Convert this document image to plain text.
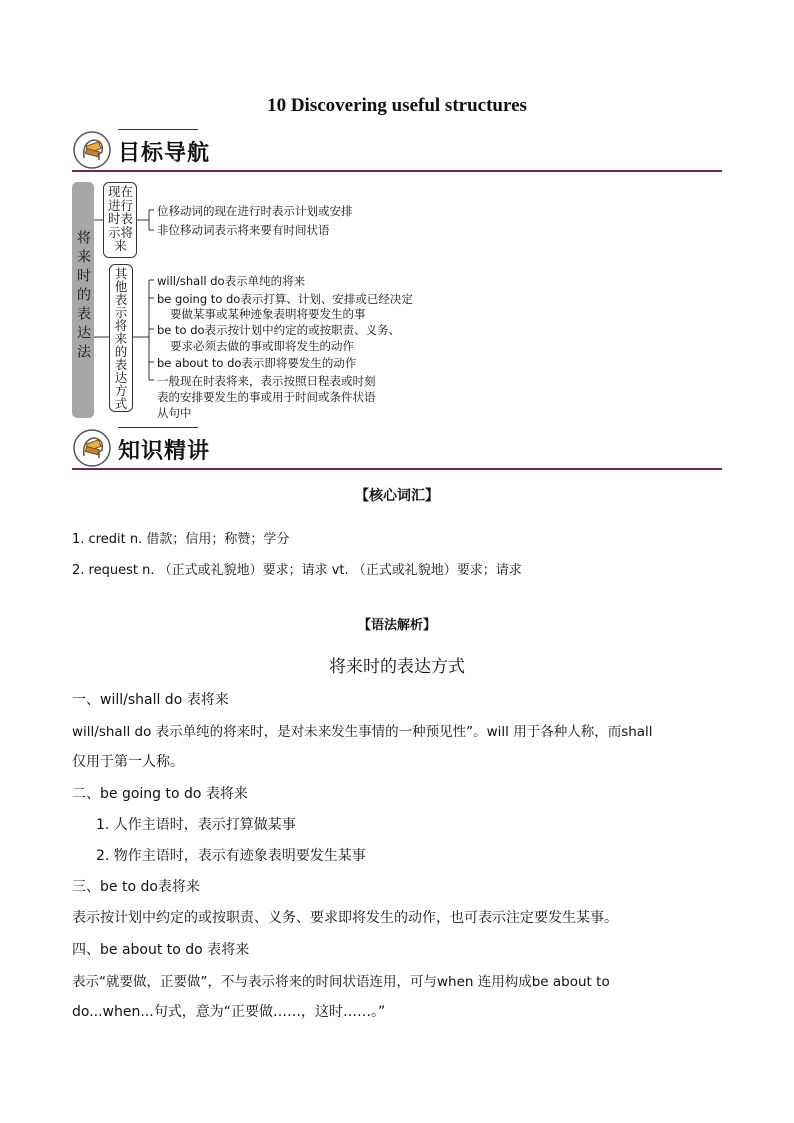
10 Discovering useful structures
目标导航
将来时的表达法
现在进行时表示将来
其他表示将来的表达方式
位移动词的现在进行时表示计划或安排
非位移动词表示将来要有时间状语
will/shall do表示单纯的将来
be going to do表示打算、计划、安排或已经决定
要做某事或某种迹象表明将要发生的事
be to do表示按计划中约定的或按职责、义务、
要求必须去做的事或即将发生的动作
be about to do表示即将要发生的动作
一般现在时表将来，表示按照日程表或时刻
表的安排要发生的事或用于时间或条件状语
从句中
知识精讲
【核心词汇】
1. credit n. 借款；信用；称赞；学分
2. request n. （正式或礼貌地）要求；请求 vt. （正式或礼貌地）要求；请求
【语法解析】
将来时的表达方式
一、will/shall do 表将来
will/shall do 表示单纯的将来时，是对未来发生事情的一种预见性”。will 用于各种人称，而shall
仅用于第一人称。
二、be going to do 表将来
1. 人作主语时，表示打算做某事
2. 物作主语时，表示有迹象表明要发生某事
三、be to do表将来
表示按计划中约定的或按职责、义务、要求即将发生的动作，也可表示注定要发生某事。
四、be about to do 表将来
表示“就要做，正要做”，不与表示将来的时间状语连用，可与when 连用构成be about to
do...when...句式，意为“正要做……，这时……。”
